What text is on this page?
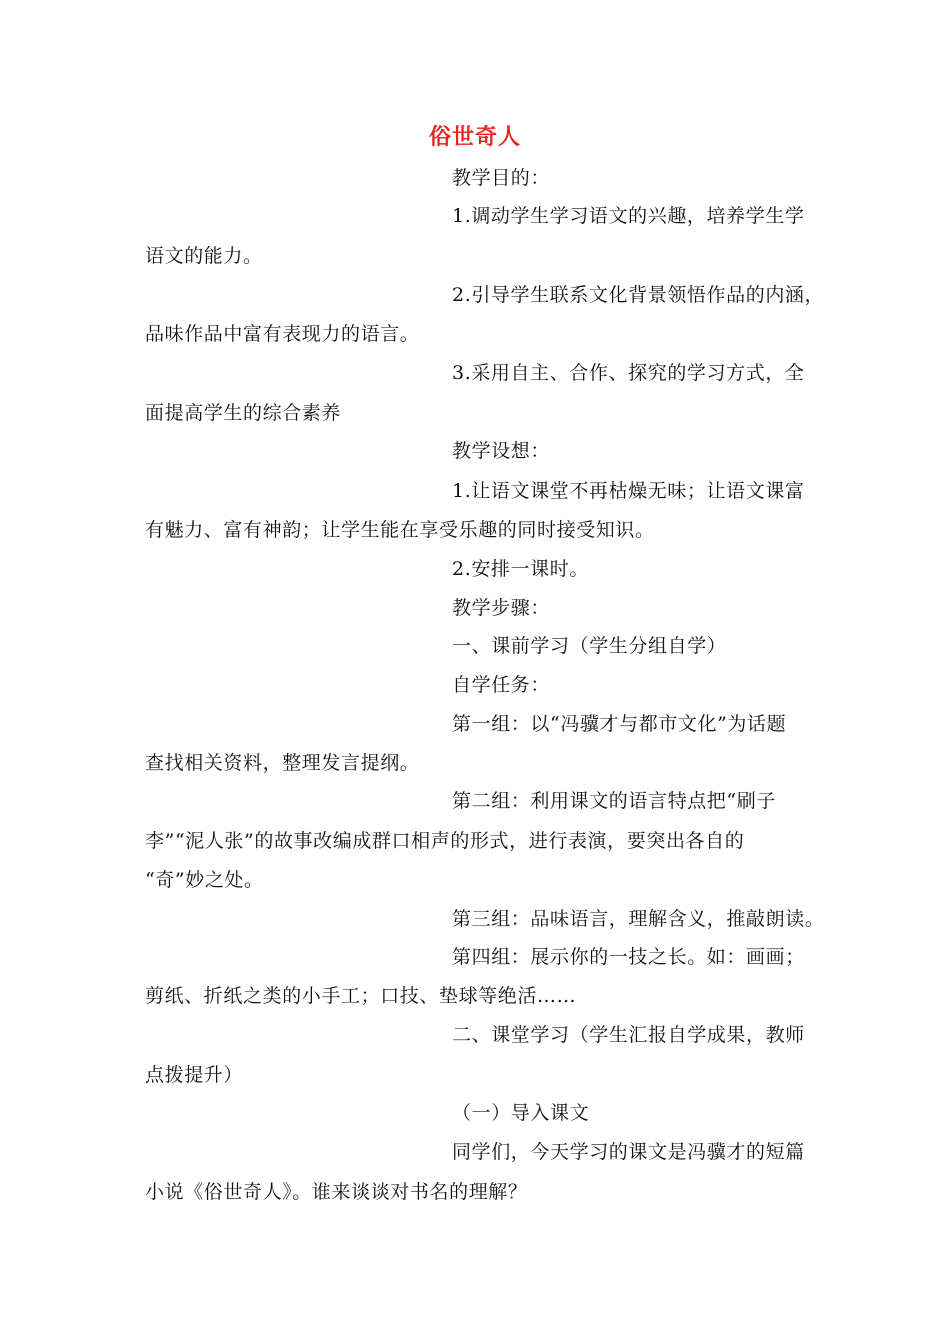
俗世奇人

教学目的：

1.调动学生学习语文的兴趣，培养学生学

语文的能力。

2.引导学生联系文化背景领悟作品的内涵，

品味作品中富有表现力的语言。

3.采用自主、合作、探究的学习方式，全

面提高学生的综合素养

教学设想：

1.让语文课堂不再枯燥无味；让语文课富

有魅力、富有神韵；让学生能在享受乐趣的同时接受知识。

2.安排一课时。

教学步骤：

一、课前学习（学生分组自学）

自学任务：

第一组：以“冯骥才与都市文化”为话题

查找相关资料，整理发言提纲。

第二组：利用课文的语言特点把“刷子

李”“泥人张”的故事改编成群口相声的形式，进行表演，要突出各自的

“奇”妙之处。

第三组：品味语言，理解含义，推敲朗读。

第四组：展示你的一技之长。如：画画；

剪纸、折纸之类的小手工；口技、垫球等绝活……

二、课堂学习（学生汇报自学成果，教师

点拨提升）

（一）导入课文

同学们，今天学习的课文是冯骥才的短篇

小说《俗世奇人》。谁来谈谈对书名的理解？
